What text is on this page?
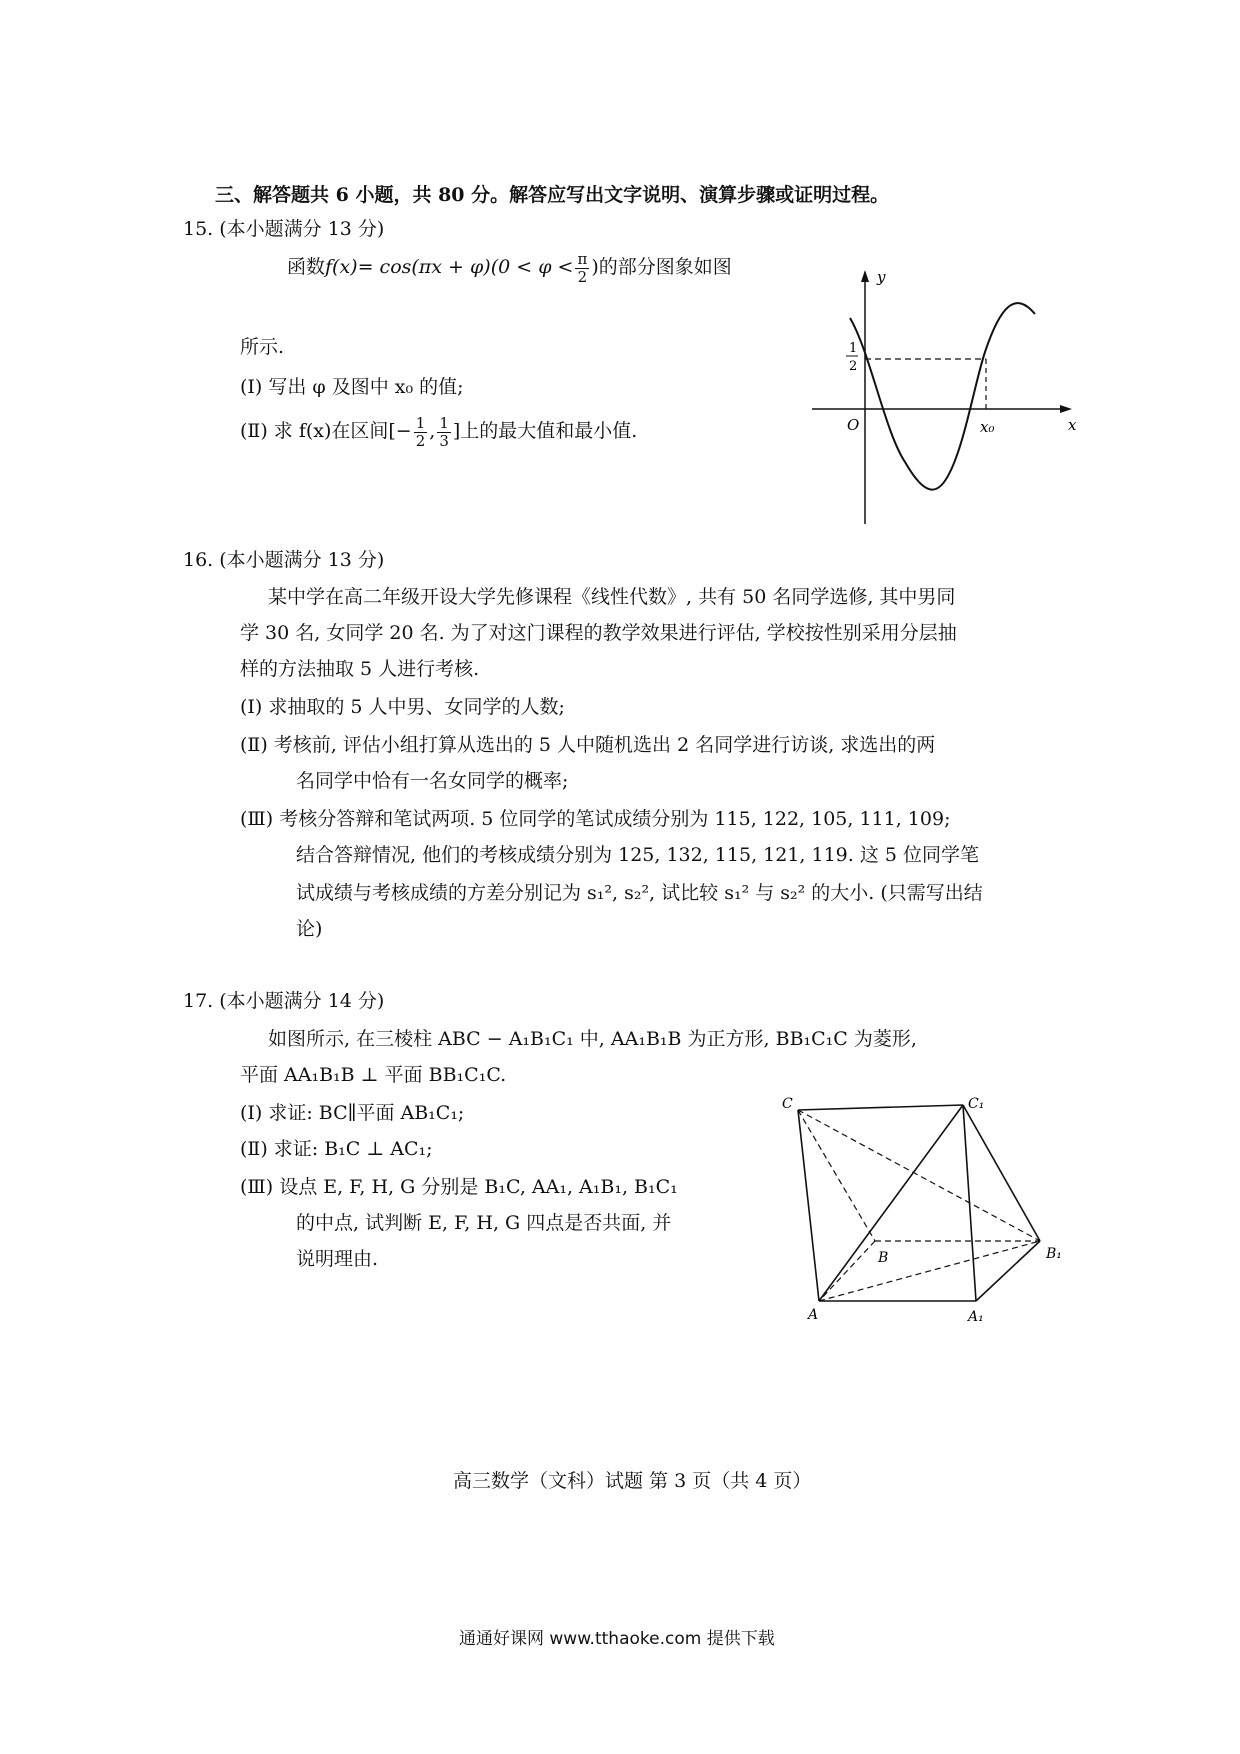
三、解答题共 6 小题，共 80 分。解答应写出文字说明、演算步骤或证明过程。
15. (本小题满分 13 分)
函数$f(x)= \cos(\pi x + \varphi)(0 < \varphi < \frac{\pi}{2}$ )的部分图象如图
所示.
(Ⅰ) 写出 φ 及图中 x₀ 的值;
(Ⅱ) 求 f(x)在区间[− $\frac{1}{2}$ , $\frac{1}{3}$ ]上的最大值和最小值.
y
x
O	x₀
1
2
16. (本小题满分 13 分)
某中学在高二年级开设大学先修课程《线性代数》, 共有 50 名同学选修, 其中男同
学 30 名, 女同学 20 名. 为了对这门课程的教学效果进行评估, 学校按性别采用分层抽
样的方法抽取 5 人进行考核.
(Ⅰ) 求抽取的 5 人中男、女同学的人数;
(Ⅱ) 考核前, 评估小组打算从选出的 5 人中随机选出 2 名同学进行访谈, 求选出的两
名同学中恰有一名女同学的概率;
(Ⅲ) 考核分答辩和笔试两项. 5 位同学的笔试成绩分别为 115, 122, 105, 111, 109;
结合答辩情况, 他们的考核成绩分别为 125, 132, 115, 121, 119. 这 5 位同学笔
试成绩与考核成绩的方差分别记为 s₁², s₂², 试比较 s₁² 与 s₂² 的大小. (只需写出结
论)
17. (本小题满分 14 分)
如图所示, 在三棱柱 ABC − A₁B₁C₁ 中, AA₁B₁B 为正方形, BB₁C₁C 为菱形,
平面 AA₁B₁B ⊥ 平面 BB₁C₁C.
(Ⅰ) 求证: BC∥平面 AB₁C₁;
(Ⅱ) 求证: B₁C ⊥ AC₁;
(Ⅲ) 设点 E, F, H, G 分别是 B₁C, AA₁, A₁B₁, B₁C₁
的中点, 试判断 E, F, H, G 四点是否共面, 并
说明理由.
C	C₁
B	B₁
A	A₁
高三数学（文科）试题 第 3 页（共 4 页）
通通好课网 www.tthaoke.com 提供下载
